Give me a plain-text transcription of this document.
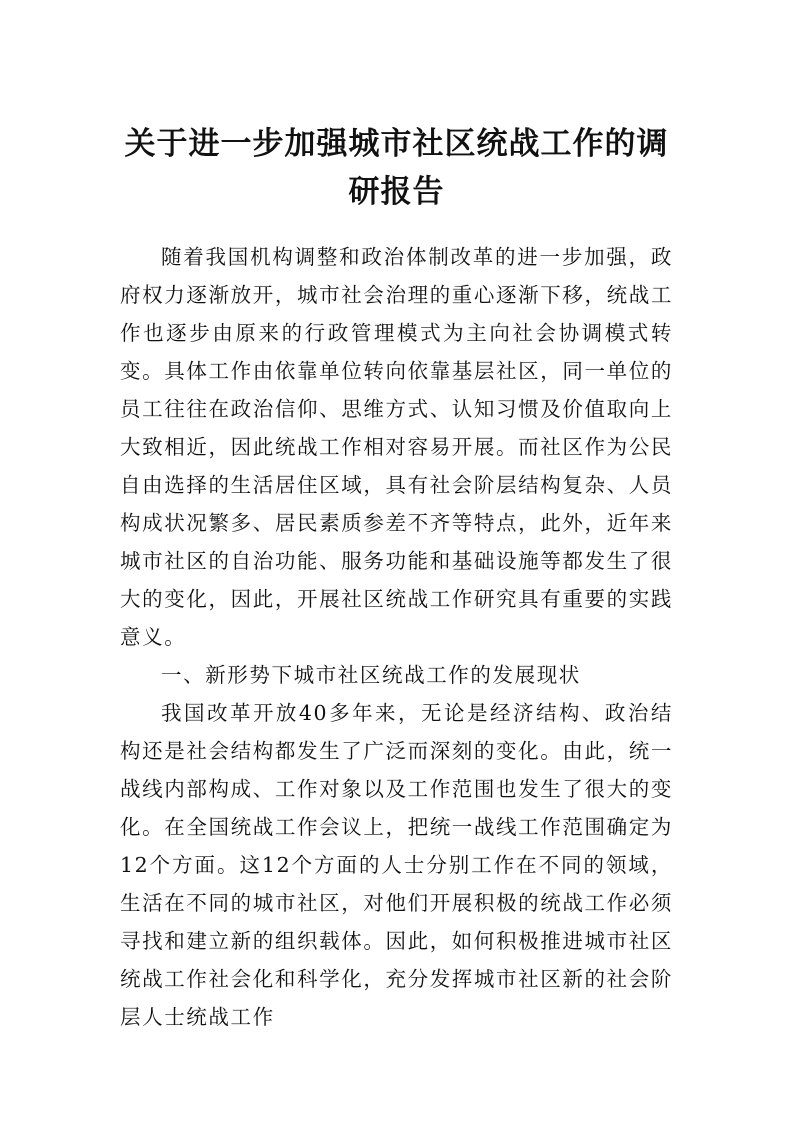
关于进一步加强城市社区统战工作的调研报告

随着我国机构调整和政治体制改革的进一步加强，政府权力逐渐放开，城市社会治理的重心逐渐下移，统战工作也逐步由原来的行政管理模式为主向社会协调模式转变。具体工作由依靠单位转向依靠基层社区，同一单位的员工往往在政治信仰、思维方式、认知习惯及价值取向上大致相近，因此统战工作相对容易开展。而社区作为公民自由选择的生活居住区域，具有社会阶层结构复杂、人员构成状况繁多、居民素质参差不齐等特点，此外，近年来城市社区的自治功能、服务功能和基础设施等都发生了很大的变化，因此，开展社区统战工作研究具有重要的实践意义。

一、新形势下城市社区统战工作的发展现状

我国改革开放40多年来，无论是经济结构、政治结构还是社会结构都发生了广泛而深刻的变化。由此，统一战线内部构成、工作对象以及工作范围也发生了很大的变化。在全国统战工作会议上，把统一战线工作范围确定为12个方面。这12个方面的人士分别工作在不同的领域，生活在不同的城市社区，对他们开展积极的统战工作必须寻找和建立新的组织载体。因此，如何积极推进城市社区统战工作社会化和科学化，充分发挥城市社区新的社会阶层人士统战工作
